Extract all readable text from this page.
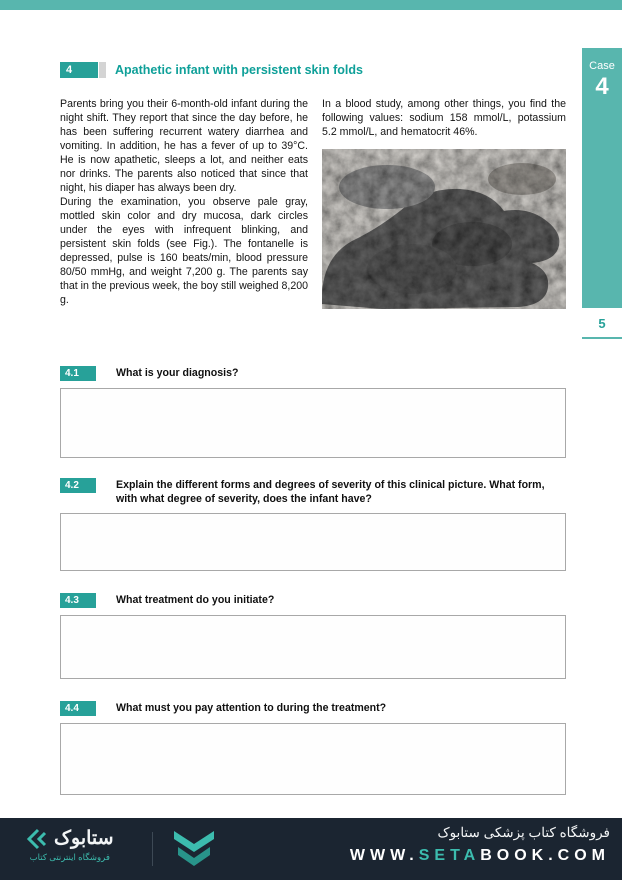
Case
4
5
4	Apathetic infant with persistent skin folds

Parents bring you their 6-month-old infant during the night shift. They report that since the day before, he has been suffering recurrent watery diarrhea and vomiting. In addition, he has a fever of up to 39°C. He is now apathetic, sleeps a lot, and neither eats nor drinks. The parents also noticed that since that night, his diaper has always been dry.

During the examination, you observe pale gray, mottled skin color and dry mucosa, dark circles under the eyes with infrequent blinking, and persistent skin folds (see Fig.). The fontanelle is depressed, pulse is 160 beats/min, blood pressure 80/50 mmHg, and weight 7,200 g. The parents say that in the previous week, the boy still weighed 8,200 g.

In a blood study, among other things, you find the following values: sodium 158 mmol/L, potassium 5.2 mmol/L, and hematocrit 46%.

4.1	What is your diagnosis?
4.2	Explain the different forms and degrees of severity of this clinical picture. What form, with what degree of severity, does the infant have?
4.3	What treatment do you initiate?
4.4	What must you pay attention to during the treatment?
ستابوک
فروشگاه اینترنتی کتاب
فروشگاه کتاب پزشکی ستابوک
WWW.SETABOOK.COM
